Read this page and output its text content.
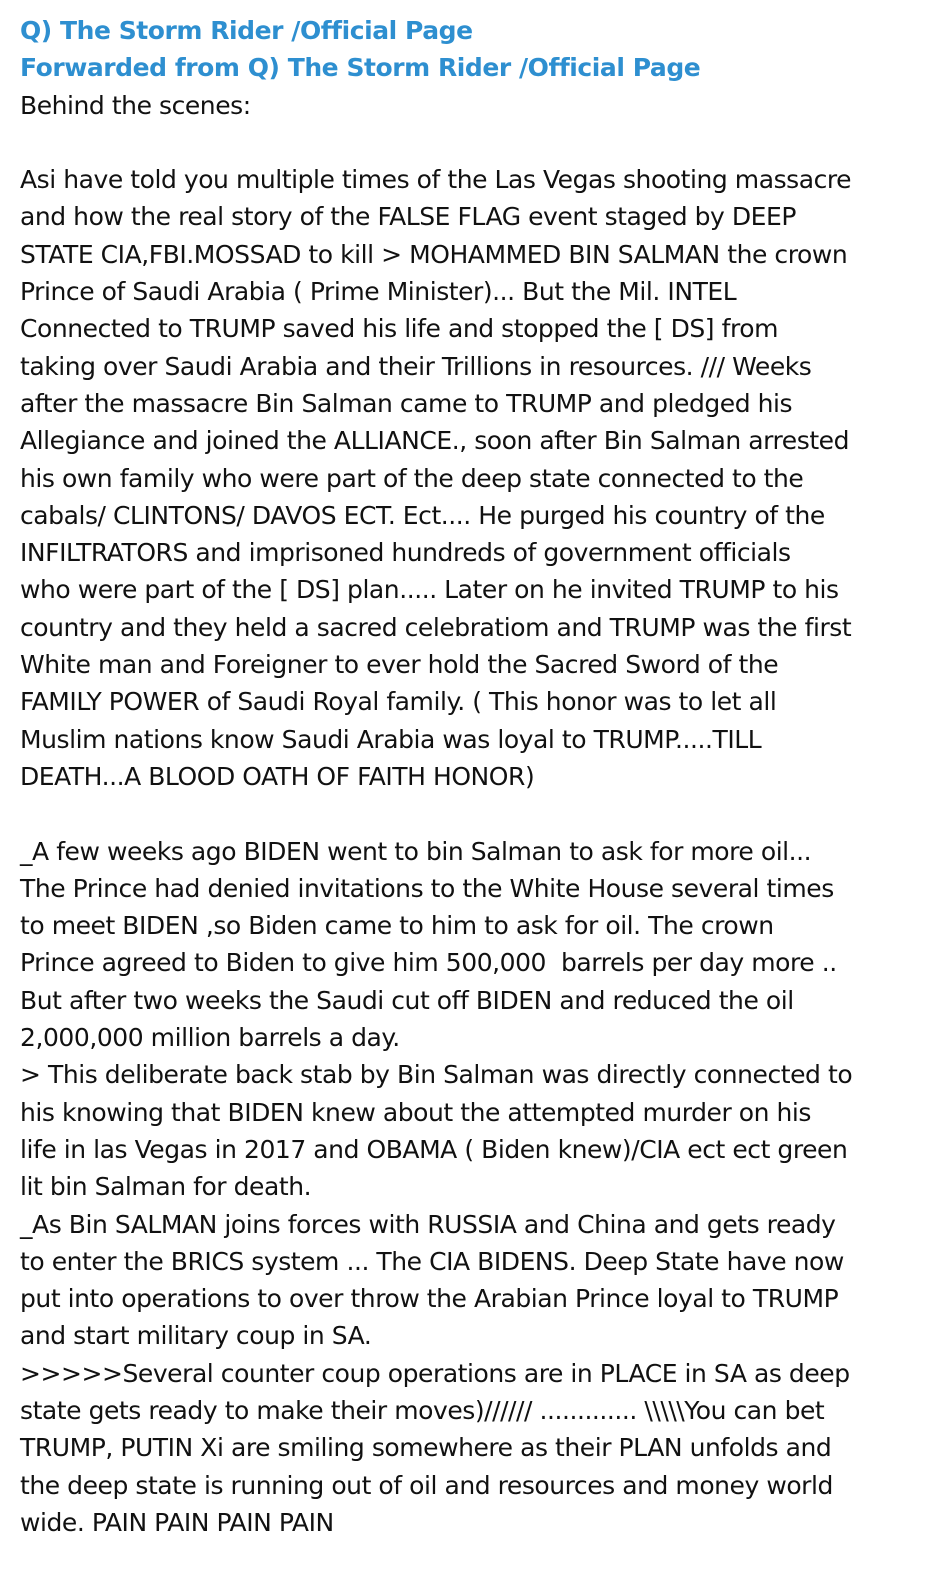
Q) The Storm Rider /Official Page
Forwarded from Q) The Storm Rider /Official Page
Behind the scenes:
Asi have told you multiple times of the Las Vegas shooting massacre
and how the real story of the FALSE FLAG event staged by DEEP
STATE CIA,FBI.MOSSAD to kill > MOHAMMED BIN SALMAN the crown
Prince of Saudi Arabia ( Prime Minister)... But the Mil. INTEL
Connected to TRUMP saved his life and stopped the [ DS] from
taking over Saudi Arabia and their Trillions in resources. /// Weeks
after the massacre Bin Salman came to TRUMP and pledged his
Allegiance and joined the ALLIANCE., soon after Bin Salman arrested
his own family who were part of the deep state connected to the
cabals/ CLINTONS/ DAVOS ECT. Ect.... He purged his country of the
INFILTRATORS and imprisoned hundreds of government officials
who were part of the [ DS] plan..... Later on he invited TRUMP to his
country and they held a sacred celebratiom and TRUMP was the first
White man and Foreigner to ever hold the Sacred Sword of the
FAMILY POWER of Saudi Royal family. ( This honor was to let all
Muslim nations know Saudi Arabia was loyal to TRUMP.....TILL
DEATH...A BLOOD OATH OF FAITH HONOR)
_A few weeks ago BIDEN went to bin Salman to ask for more oil...
The Prince had denied invitations to the White House several times
to meet BIDEN ,so Biden came to him to ask for oil. The crown
Prince agreed to Biden to give him 500,000  barrels per day more ..
But after two weeks the Saudi cut off BIDEN and reduced the oil
2,000,000 million barrels a day.
> This deliberate back stab by Bin Salman was directly connected to
his knowing that BIDEN knew about the attempted murder on his
life in las Vegas in 2017 and OBAMA ( Biden knew)/CIA ect ect green
lit bin Salman for death.
_As Bin SALMAN joins forces with RUSSIA and China and gets ready
to enter the BRICS system ... The CIA BIDENS. Deep State have now
put into operations to over throw the Arabian Prince loyal to TRUMP
and start military coup in SA.
>>>>>Several counter coup operations are in PLACE in SA as deep
state gets ready to make their moves)////// ............. \\\\\You can bet
TRUMP, PUTIN Xi are smiling somewhere as their PLAN unfolds and
the deep state is running out of oil and resources and money world
wide. PAIN PAIN PAIN PAIN
